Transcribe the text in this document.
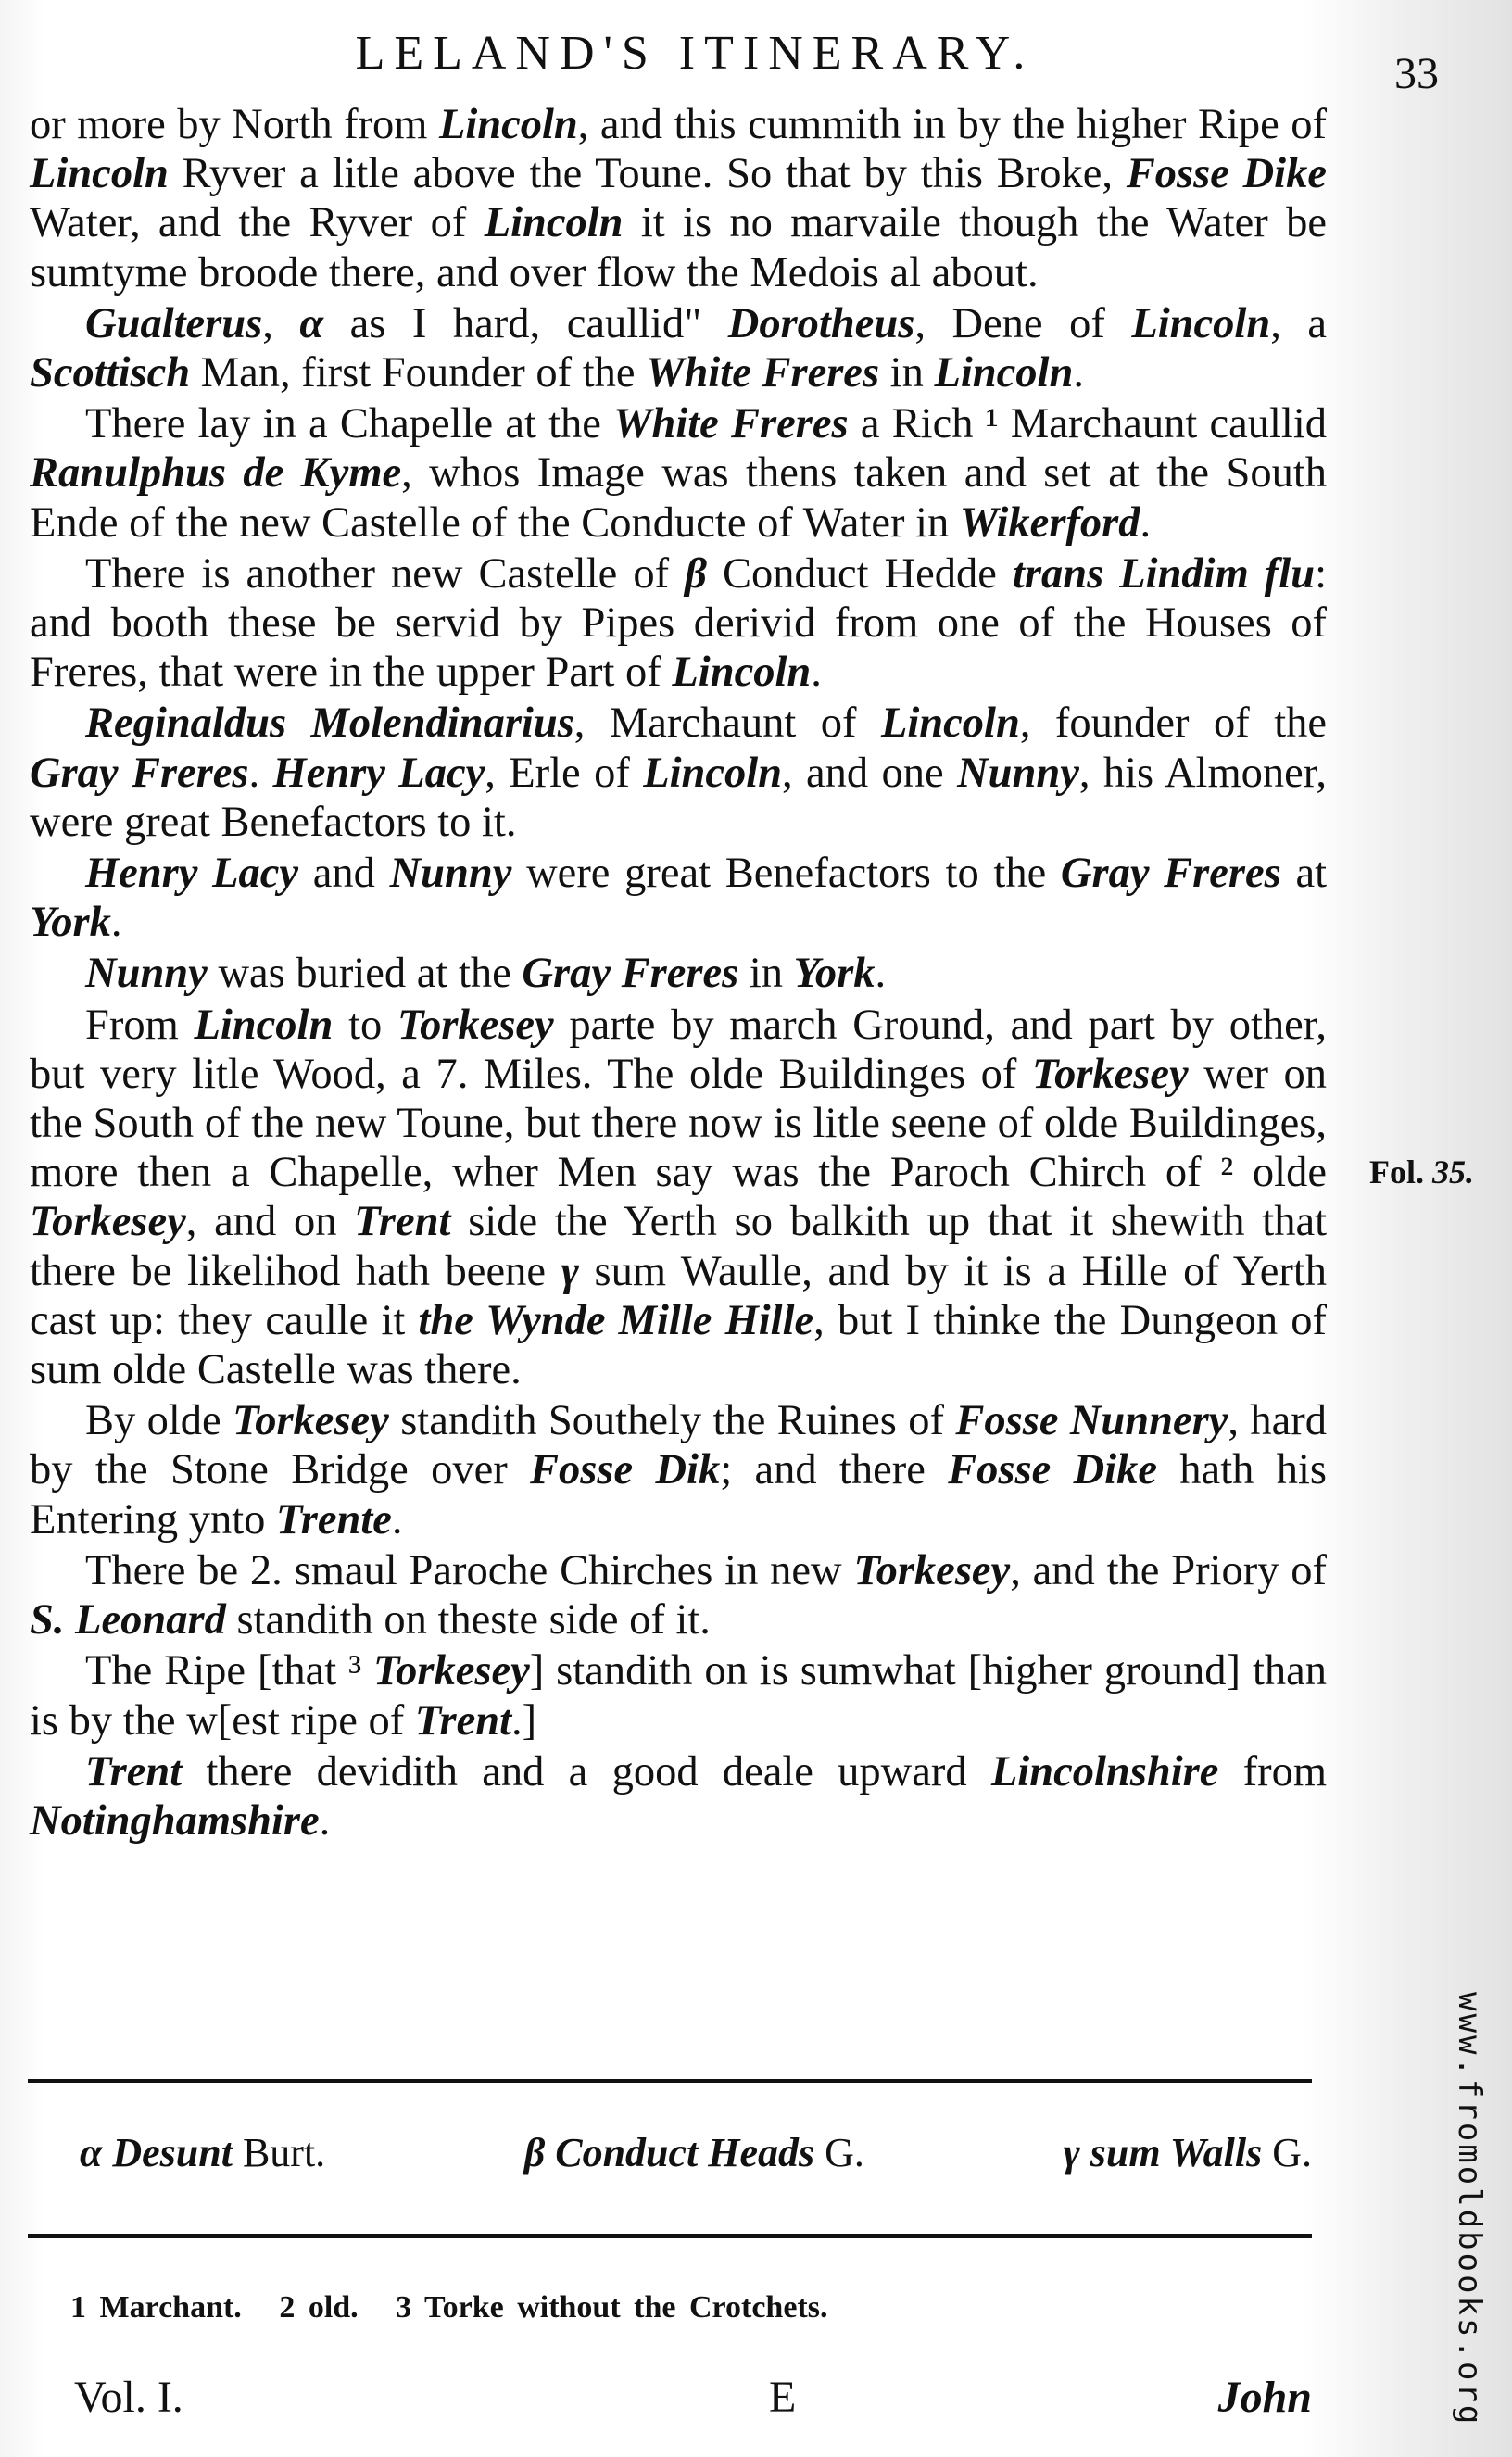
LELAND'S ITINERARY.	33

or more by North from Lincoln, and this cummith in by the higher Ripe of Lincoln Ryver a litle above the Toune. So that by this Broke, Fosse Dike Water, and the Ryver of Lincoln it is no marvaile though the Water be sumtyme broode there, and over flow the Medois al about.

Gualterus, α as I hard, caullid" Dorotheus, Dene of Lincoln, a Scottisch Man, first Founder of the White Freres in Lincoln.

There lay in a Chapelle at the White Freres a Rich ¹ Marchaunt caullid Ranulphus de Kyme, whos Image was thens taken and set at the South Ende of the new Castelle of the Conducte of Water in Wikerford.

There is another new Castelle of β Conduct Hedde trans Lindim flu: and booth these be servid by Pipes derivid from one of the Houses of Freres, that were in the upper Part of Lincoln.

Reginaldus Molendinarius, Marchaunt of Lincoln, founder of the Gray Freres. Henry Lacy, Erle of Lincoln, and one Nunny, his Almoner, were great Benefactors to it.

Henry Lacy and Nunny were great Benefactors to the Gray Freres at York.

Nunny was buried at the Gray Freres in York.

From Lincoln to Torkesey parte by march Ground, and part by other, but very litle Wood, a 7. Miles. The olde Buildinges of Torkesey wer on the South of the new Toune, but there now is litle seene of olde Buildinges, more then a Chapelle, wher Men say was the Paroch Chirch of ² olde Torkesey, and on Trent side the Yerth so balkith up that it shewith that there be likelihod hath beene γ sum Waulle, and by it is a Hille of Yerth cast up: they caulle it the Wynde Mille Hille, but I thinke the Dungeon of sum olde Castelle was there.

By olde Torkesey standith Southely the Ruines of Fosse Nunnery, hard by the Stone Bridge over Fosse Dik; and there Fosse Dike hath his Entering ynto Trente.

There be 2. smaul Paroche Chirches in new Torkesey, and the Priory of S. Leonard standith on theste side of it.

The Ripe [that ³ Torkesey] standith on is sumwhat [higher ground] than is by the w[est ripe of Trent.]

Trent there devidith and a good deale upward Lincolnshire from Notinghamshire.

Fol. 35.
α Desunt Burt.	β Conduct Heads G.	γ sum Walls G.
1 Marchant. 2 old. 3 Torke without the Crotchets.
Vol. I.	E	John	www.fromoldbooks.org
